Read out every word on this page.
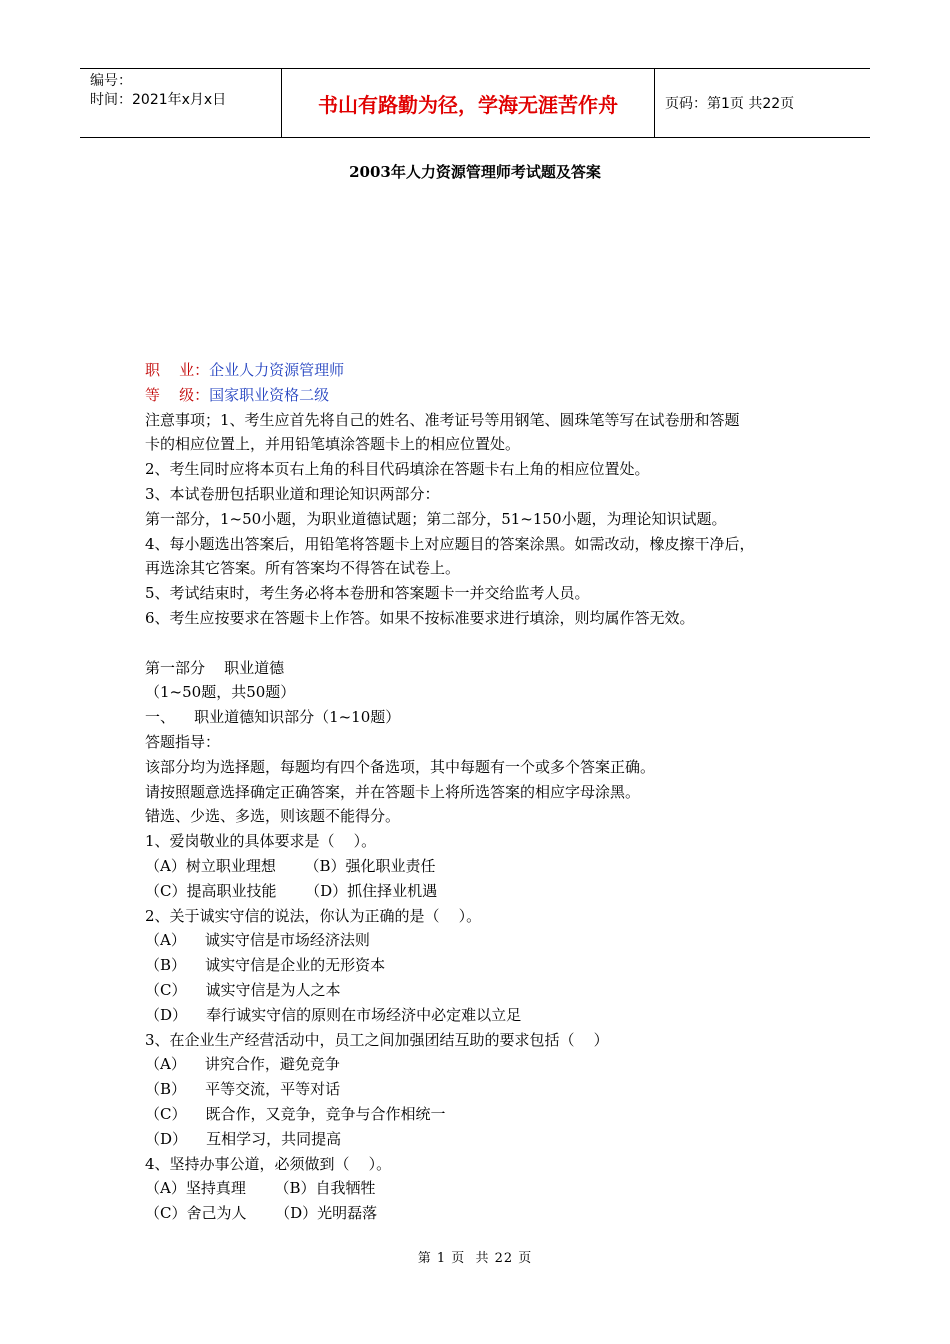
编号：
时间：2021年x月x日	书山有路勤为径，学海无涯苦作舟	页码：第1页 共22页
2003年人力资源管理师考试题及答案
职    业：企业人力资源管理师
等    级：国家职业资格二级
注意事项；1、考生应首先将自己的姓名、准考证号等用钢笔、圆珠笔等写在试卷册和答题
卡的相应位置上，并用铅笔填涂答题卡上的相应位置处。
2、考生同时应将本页右上角的科目代码填涂在答题卡右上角的相应位置处。
3、本试卷册包括职业道和理论知识两部分：
第一部分，1~50小题，为职业道德试题；第二部分，51~150小题，为理论知识试题。
4、每小题选出答案后，用铅笔将答题卡上对应题目的答案涂黑。如需改动，橡皮擦干净后，
再选涂其它答案。所有答案均不得答在试卷上。
5、考试结束时，考生务必将本卷册和答案题卡一并交给监考人员。
6、考生应按要求在答题卡上作答。如果不按标准要求进行填涂，则均属作答无效。
第一部分    职业道德
（1~50题，共50题）
一、    职业道德知识部分（1~10题）
答题指导：
该部分均为选择题，每题均有四个备选项，其中每题有一个或多个答案正确。
请按照题意选择确定正确答案，并在答题卡上将所选答案的相应字母涂黑。
错选、少选、多选，则该题不能得分。
1、爱岗敬业的具体要求是（    ）。
（A）树立职业理想      （B）强化职业责任
（C）提高职业技能      （D）抓住择业机遇
2、关于诚实守信的说法，你认为正确的是（    ）。
（A）    诚实守信是市场经济法则
（B）    诚实守信是企业的无形资本
（C）    诚实守信是为人之本
（D）    奉行诚实守信的原则在市场经济中必定难以立足
3、在企业生产经营活动中，员工之间加强团结互助的要求包括（    ）
（A）    讲究合作，避免竞争
（B）    平等交流，平等对话
（C）    既合作，又竞争，竞争与合作相统一
（D）    互相学习，共同提高
4、坚持办事公道，必须做到（    ）。
（A）坚持真理      （B）自我牺牲
（C）舍己为人      （D）光明磊落
第 1 页  共 22 页
